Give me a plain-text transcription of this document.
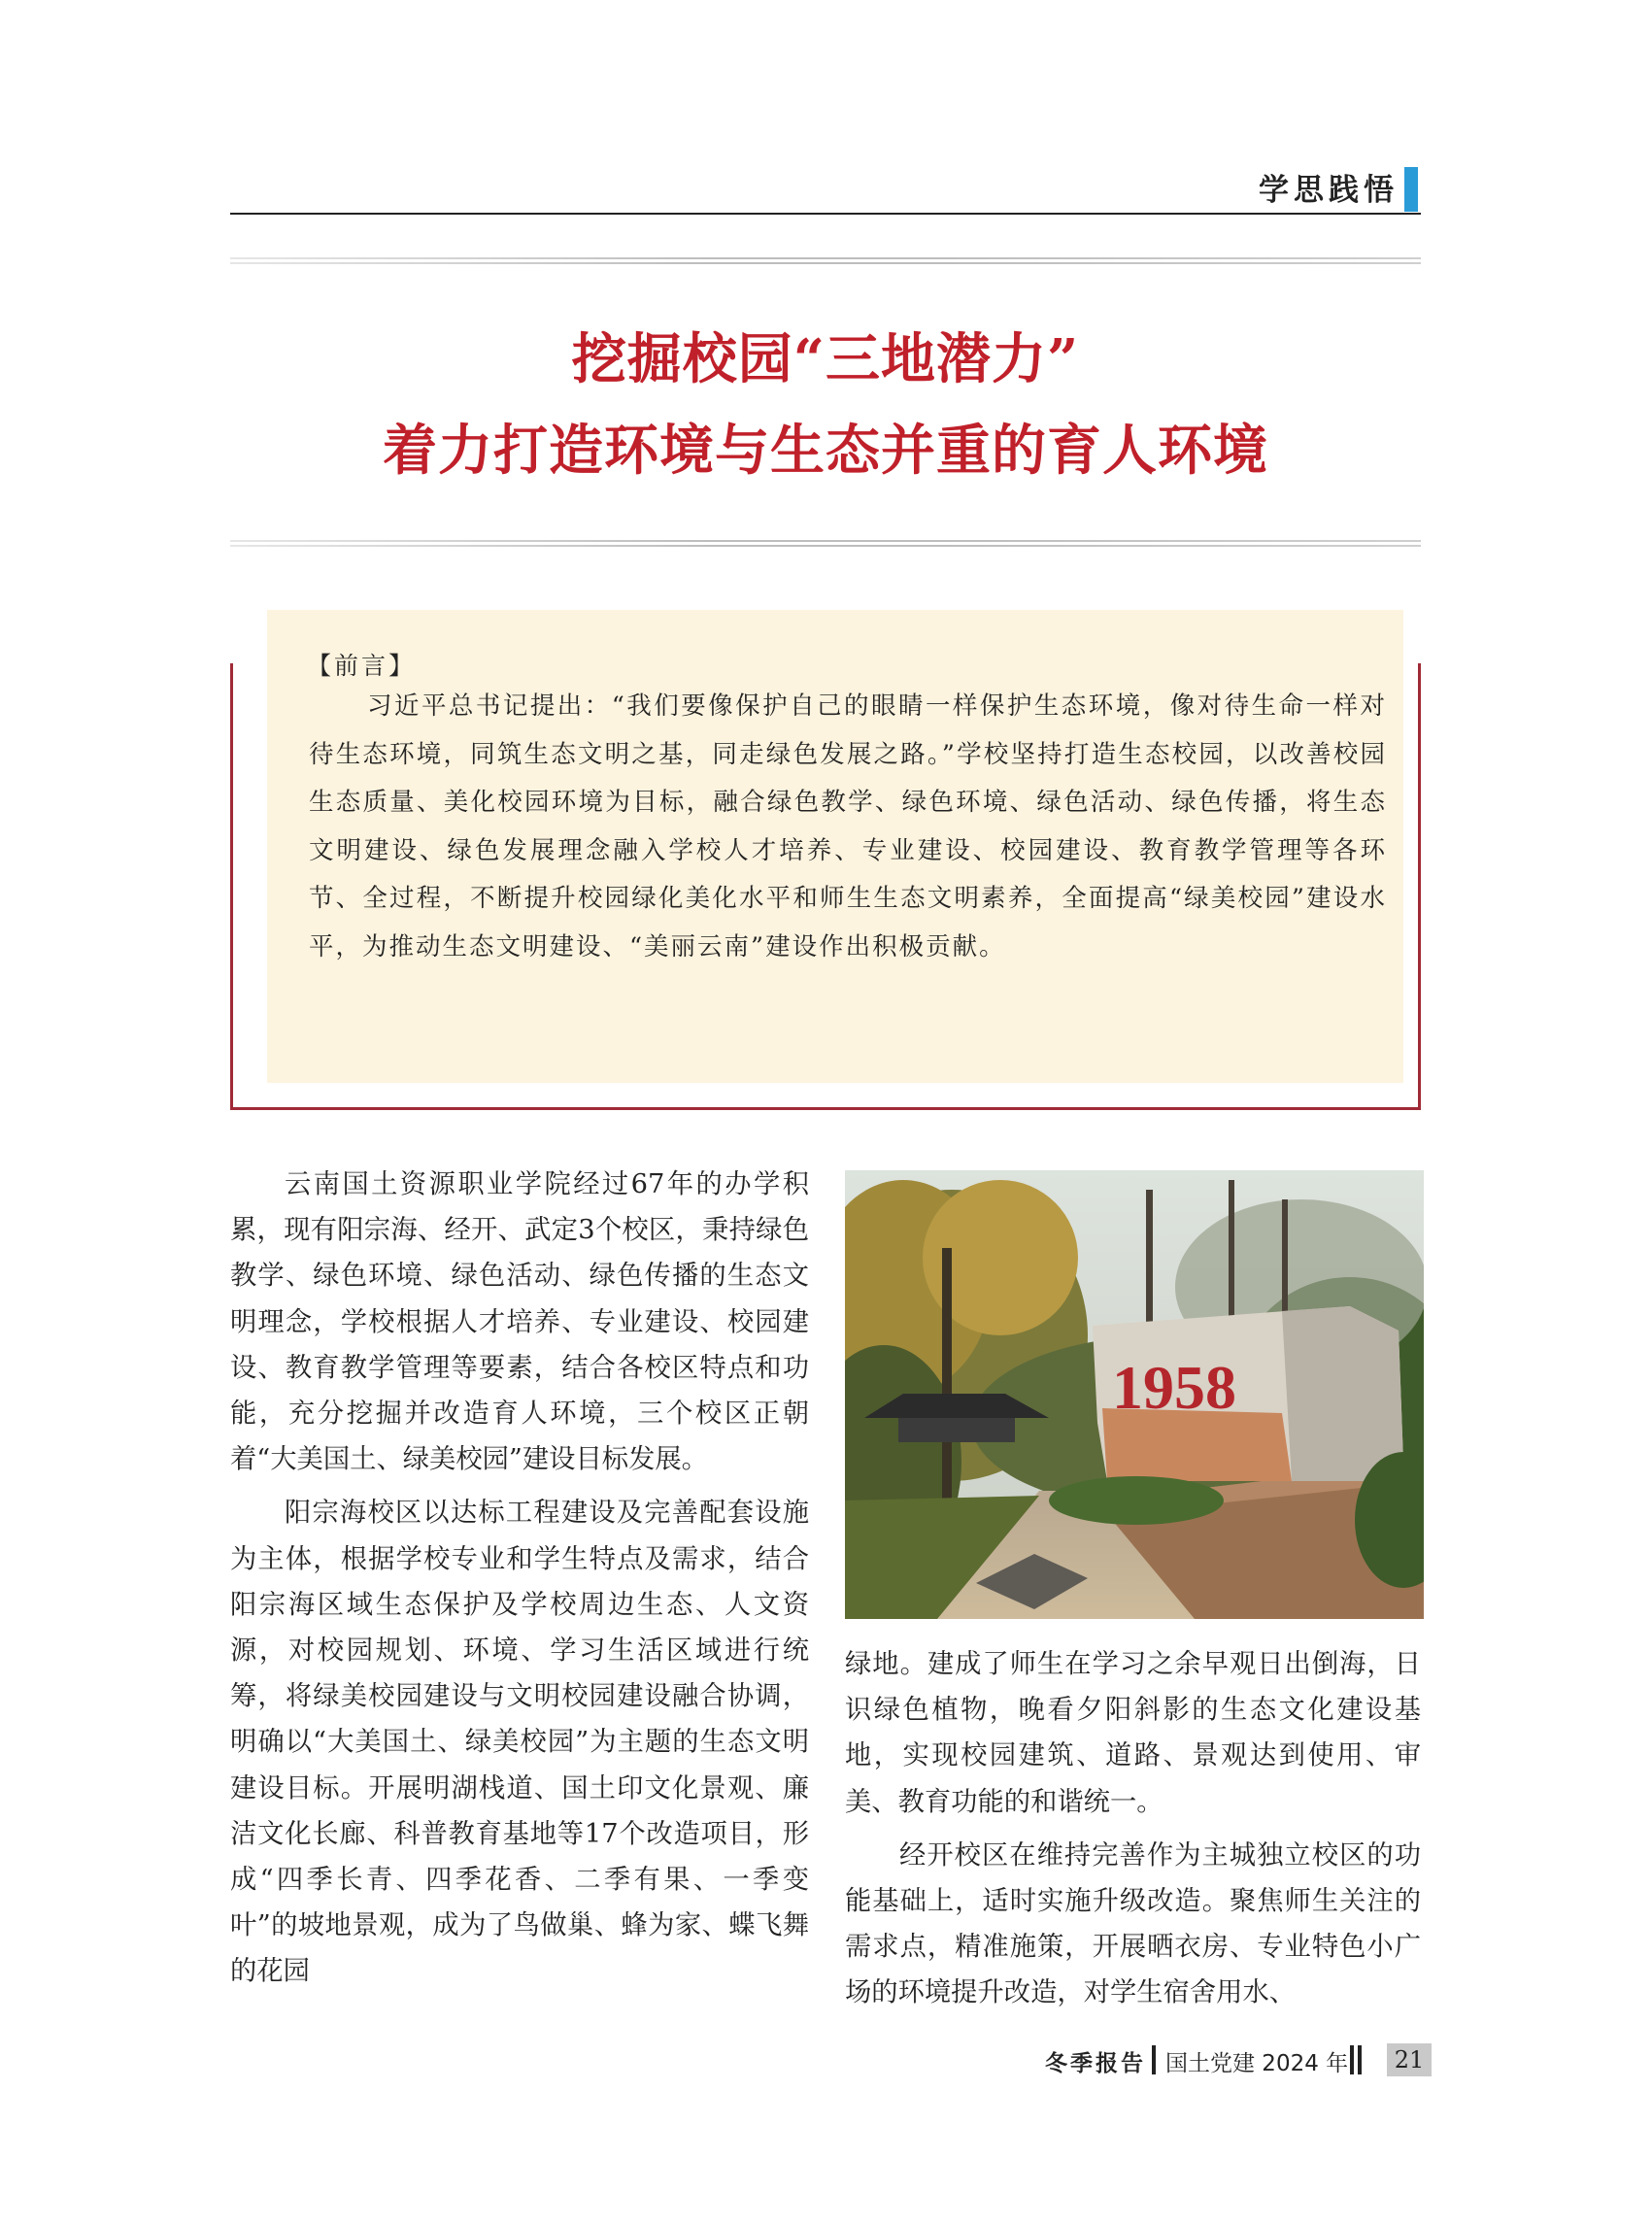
学思践悟
挖掘校园“三地潜力”
着力打造环境与生态并重的育人环境
【前言】
习近平总书记提出：“我们要像保护自己的眼睛一样保护生态环境，像对待生命一样对待生态环境，同筑生态文明之基，同走绿色发展之路。”学校坚持打造生态校园，以改善校园生态质量、美化校园环境为目标，融合绿色教学、绿色环境、绿色活动、绿色传播，将生态文明建设、绿色发展理念融入学校人才培养、专业建设、校园建设、教育教学管理等各环节、全过程，不断提升校园绿化美化水平和师生生态文明素养，全面提高“绿美校园”建设水平，为推动生态文明建设、“美丽云南”建设作出积极贡献。

云南国土资源职业学院经过67年的办学积累，现有阳宗海、经开、武定3个校区，秉持绿色教学、绿色环境、绿色活动、绿色传播的生态文明理念，学校根据人才培养、专业建设、校园建设、教育教学管理等要素，结合各校区特点和功能，充分挖掘并改造育人环境，三个校区正朝着“大美国土、绿美校园”建设目标发展。

阳宗海校区以达标工程建设及完善配套设施为主体，根据学校专业和学生特点及需求，结合阳宗海区域生态保护及学校周边生态、人文资源，对校园规划、环境、学习生活区域进行统筹，将绿美校园建设与文明校园建设融合协调，明确以“大美国土、绿美校园”为主题的生态文明建设目标。开展明湖栈道、国土印文化景观、廉洁文化长廊、科普教育基地等17个改造项目，形成“四季长青、四季花香、二季有果、一季变叶”的坡地景观，成为了鸟做巢、蜂为家、蝶飞舞的花园

1958

绿地。建成了师生在学习之余早观日出倒海，日识绿色植物，晚看夕阳斜影的生态文化建设基地，实现校园建筑、道路、景观达到使用、审美、教育功能的和谐统一。

经开校区在维持完善作为主城独立校区的功能基础上，适时实施升级改造。聚焦师生关注的需求点，精准施策，开展晒衣房、专业特色小广场的环境提升改造，对学生宿舍用水、

冬季报告 国土党建 2024 年	21
